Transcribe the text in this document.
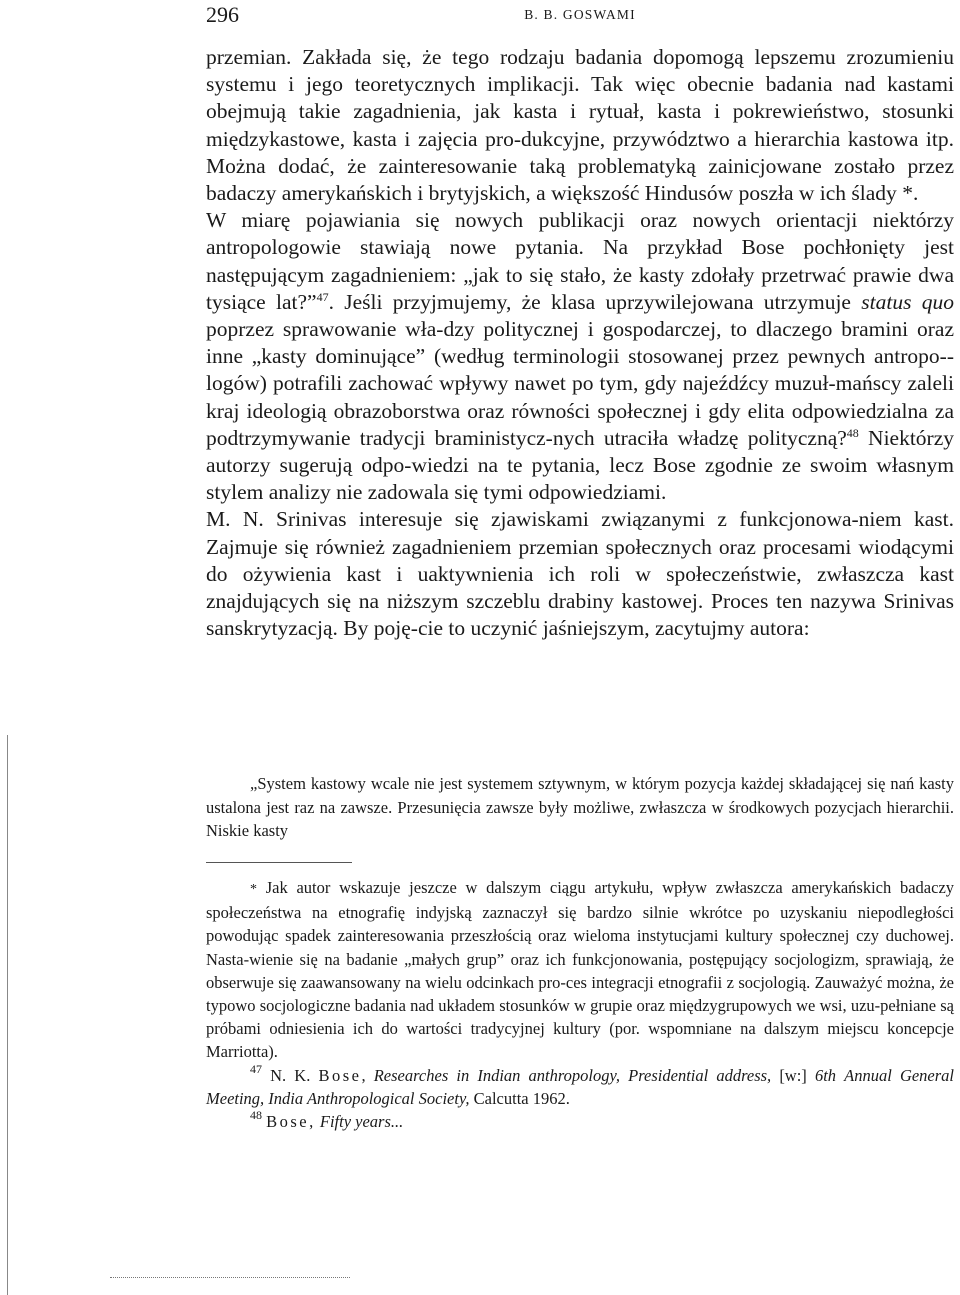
296	B. B. GOSWAMI

przemian. Zakłada się, że tego rodzaju badania dopomogą lepszemu zrozumieniu systemu i jego teoretycznych implikacji. Tak więc obecnie badania nad kastami obejmują takie zagadnienia, jak kasta i rytuał, kasta i pokrewieństwo, stosunki międzykastowe, kasta i zajęcia pro-dukcyjne, przywództwo a hierarchia kastowa itp. Można dodać, że zainteresowanie taką problematyką zainicjowane zostało przez badaczy amerykańskich i brytyjskich, a większość Hindusów poszła w ich ślady *.

W miarę pojawiania się nowych publikacji oraz nowych orientacji niektórzy antropologowie stawiają nowe pytania. Na przykład Bose pochłonięty jest następującym zagadnieniem: „jak to się stało, że kasty zdołały przetrwać prawie dwa tysiące lat?”$^{47}$. Jeśli przyjmujemy, że klasa uprzywilejowana utrzymuje status quo poprzez sprawowanie wła-dzy politycznej i gospodarczej, to dlaczego bramini oraz inne „kasty dominujące” (według terminologii stosowanej przez pewnych antropo-logów) potrafili zachować wpływy nawet po tym, gdy najeźdźcy muzuł-mańscy zaleli kraj ideologią obrazoborstwa oraz równości społecznej i gdy elita odpowiedzialna za podtrzymywanie tradycji braministycz-nych utraciła władzę polityczną?$^{48}$ Niektórzy autorzy sugerują odpo-wiedzi na te pytania, lecz Bose zgodnie ze swoim własnym stylem analizy nie zadowala się tymi odpowiedziami.

M. N. Srinivas interesuje się zjawiskami związanymi z funkcjonowa-niem kast. Zajmuje się również zagadnieniem przemian społecznych oraz procesami wiodącymi do ożywienia kast i uaktywnienia ich roli w społeczeństwie, zwłaszcza kast znajdujących się na niższym szczeblu drabiny kastowej. Proces ten nazywa Srinivas sanskrytyzacją. By poję-cie to uczynić jaśniejszym, zacytujmy autora:

„System kastowy wcale nie jest systemem sztywnym, w którym pozycja każdej składającej się nań kasty ustalona jest raz na zawsze. Przesunięcia zawsze były możliwe, zwłaszcza w środkowych pozycjach hierarchii. Niskie kasty

* Jak autor wskazuje jeszcze w dalszym ciągu artykułu, wpływ zwłaszcza amerykańskich badaczy społeczeństwa na etnografię indyjską zaznaczył się bardzo silnie wkrótce po uzyskaniu niepodległości powodując spadek zainteresowania przeszłością oraz wieloma instytucjami kultury społecznej czy duchowej. Nasta-wienie się na badanie „małych grup” oraz ich funkcjonowania, postępujący socjologizm, sprawiają, że obserwuje się zaawansowany na wielu odcinkach pro-ces integracji etnografii z socjologią. Zauważyć można, że typowo socjologiczne badania nad układem stosunków w grupie oraz międzygrupowych we wsi, uzu-pełniane są próbami odniesienia ich do wartości tradycyjnej kultury (por. wspomniane na dalszym miejscu koncepcje Marriotta).

$^{47}$ N. K. Bose, Researches in Indian anthropology, Presidential address, [w:] 6th Annual General Meeting, India Anthropological Society, Calcutta 1962.

$^{48}$ Bose, Fifty years...
